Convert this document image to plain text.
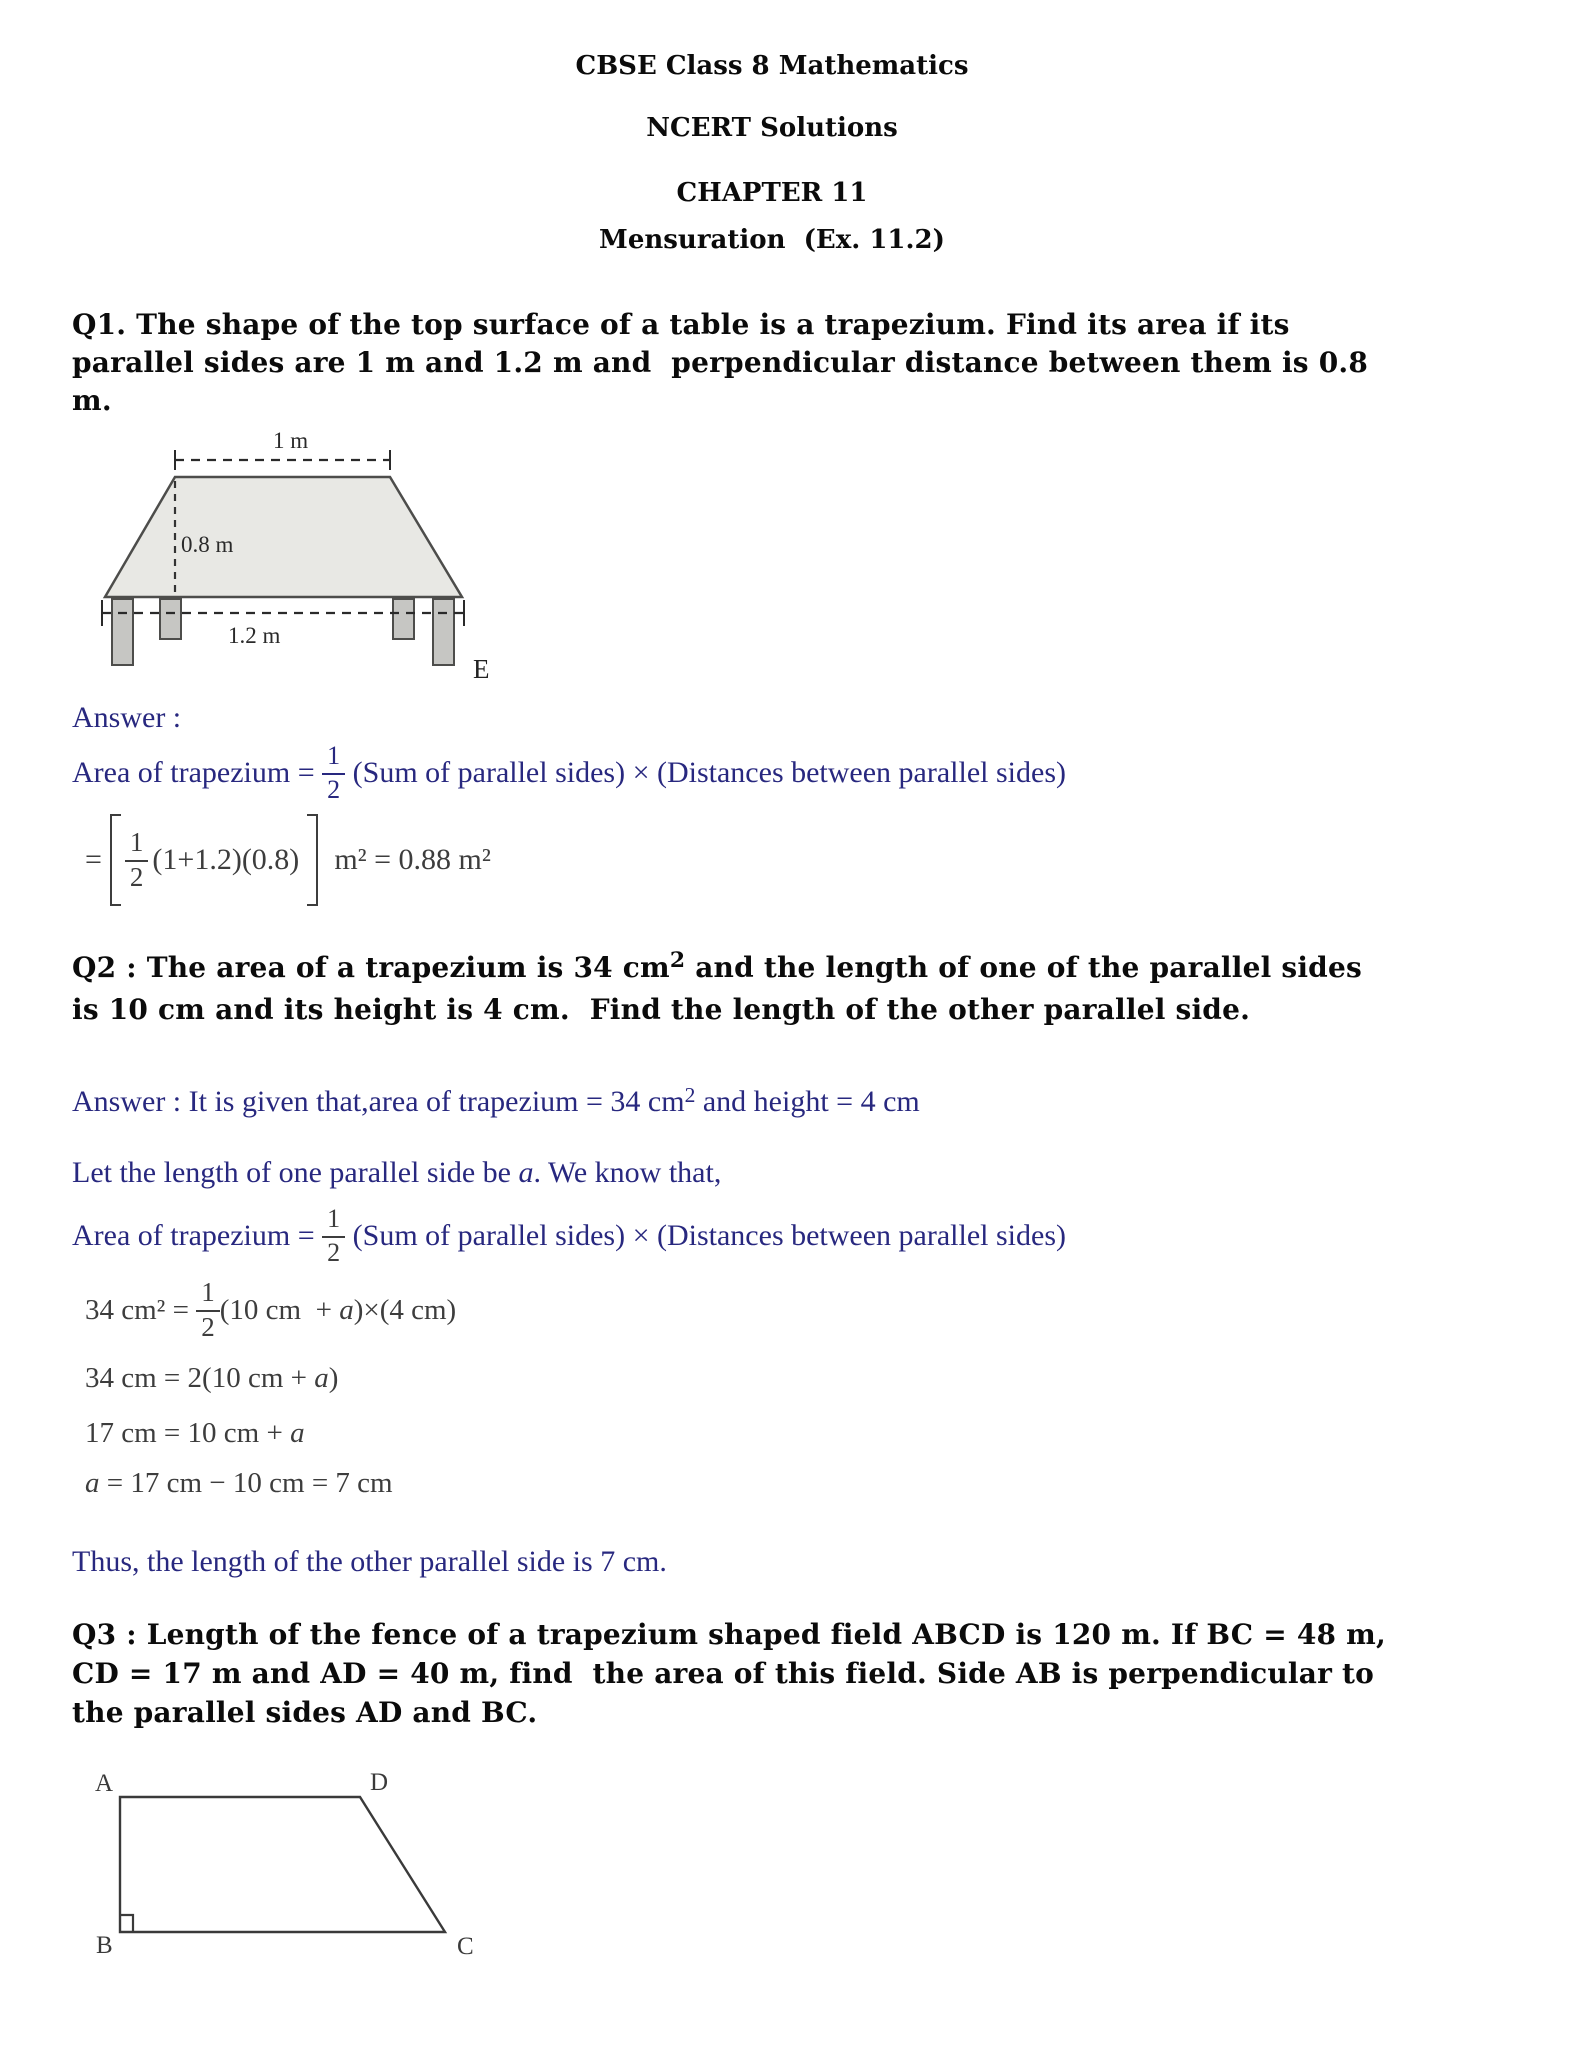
CBSE Class 8 Mathematics
NCERT Solutions
CHAPTER 11
Mensuration  (Ex. 11.2)
Q1. The shape of the top surface of a table is a trapezium. Find its area if its
parallel sides are 1 m and 1.2 m and  perpendicular distance between them is 0.8
m.
1 m
0.8 m
1.2 m
E
Answer :
Area of trapezium = $\frac{1}{2} (Sum$ of parallel sides) × (Distances between parallel sides)
= $\frac{1}{2} (1+1.2)(0.8) m^2 = 0.88$ m²
Q2 : The area of a trapezium is 34 cm2 and the length of one of the parallel sides
is 10 cm and its height is 4 cm.  Find the length of the other parallel side.
Answer : It is given that,area of trapezium = 34 cm2 and height = 4 cm
Let the length of one parallel side be a. We know that,
Area of trapezium = $\frac{1}{2} (Sum$ of parallel sides) × (Distances between parallel sides)
34 $cm^2 = \frac{1}{2} (10$ cm  + a )×(4 cm)
34 cm = 2(10 cm + a)
17 cm = 10 cm + a
a = 17 cm − 10 cm = 7 cm
Thus, the length of the other parallel side is 7 cm.
Q3 : Length of the fence of a trapezium shaped field ABCD is 120 m. If BC = 48 m,
CD = 17 m and AD = 40 m, find  the area of this field. Side AB is perpendicular to
the parallel sides AD and BC.
A	D
B	C
